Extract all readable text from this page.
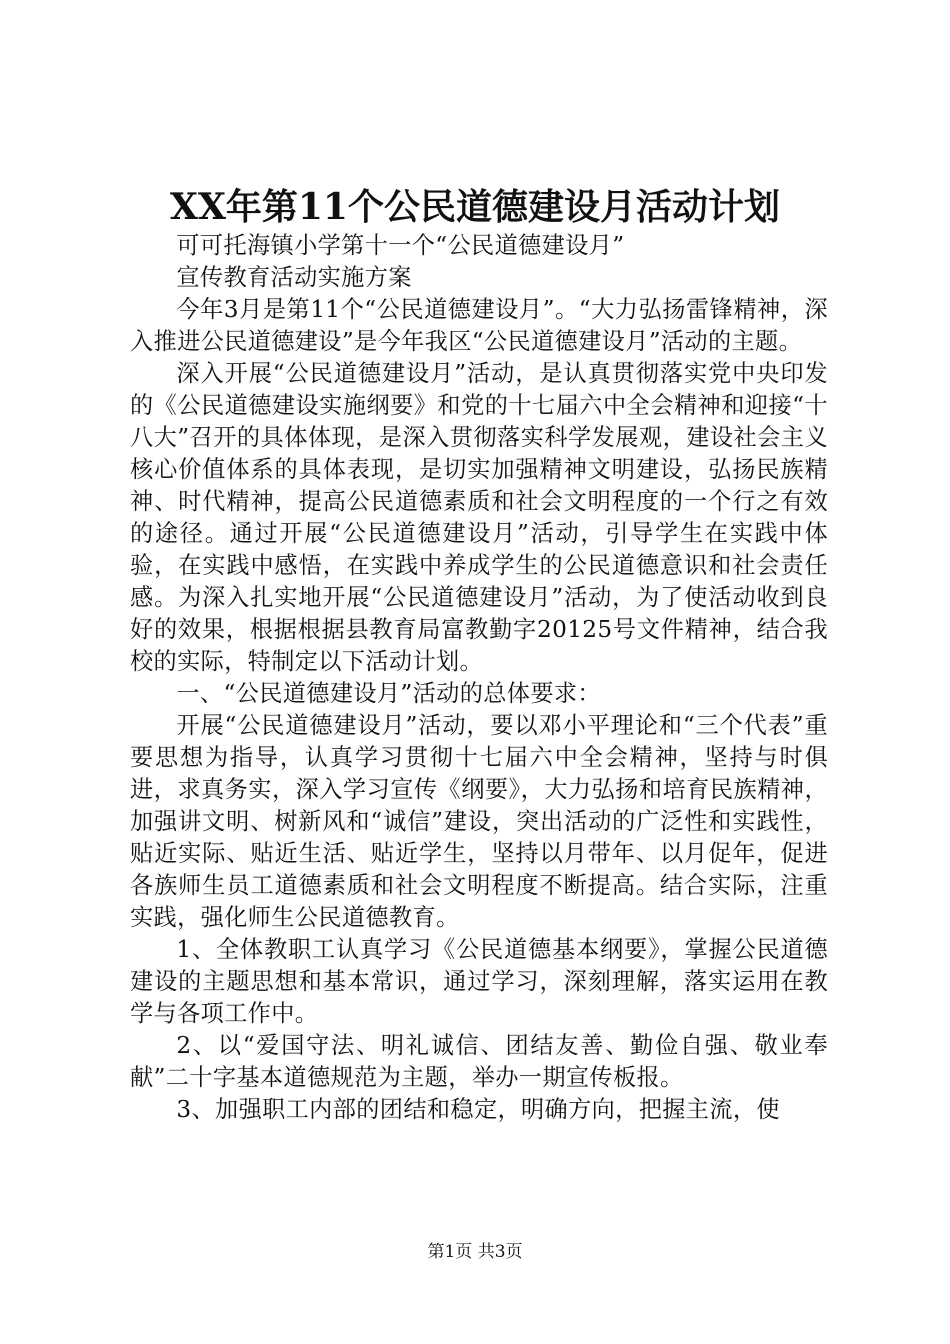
XX年第11个公民道德建设月活动计划

可可托海镇小学第十一个“公民道德建设月”

宣传教育活动实施方案

今年3月是第11个“公民道德建设月”。“大力弘扬雷锋精神，深入推进公民道德建设”是今年我区“公民道德建设月”活动的主题。

深入开展“公民道德建设月”活动，是认真贯彻落实党中央印发的《公民道德建设实施纲要》和党的十七届六中全会精神和迎接“十八大”召开的具体体现，是深入贯彻落实科学发展观，建设社会主义核心价值体系的具体表现，是切实加强精神文明建设，弘扬民族精神、时代精神，提高公民道德素质和社会文明程度的一个行之有效的途径。通过开展“公民道德建设月”活动，引导学生在实践中体验，在实践中感悟，在实践中养成学生的公民道德意识和社会责任感。为深入扎实地开展“公民道德建设月”活动，为了使活动收到良好的效果，根据根据县教育局富教勤字20125号文件精神，结合我校的实际，特制定以下活动计划。

一、“公民道德建设月”活动的总体要求：

开展“公民道德建设月”活动，要以邓小平理论和“三个代表”重要思想为指导，认真学习贯彻十七届六中全会精神，坚持与时俱进，求真务实，深入学习宣传《纲要》，大力弘扬和培育民族精神，加强讲文明、树新风和“诚信”建设，突出活动的广泛性和实践性，贴近实际、贴近生活、贴近学生，坚持以月带年、以月促年，促进各族师生员工道德素质和社会文明程度不断提高。结合实际，注重实践，强化师生公民道德教育。

1、全体教职工认真学习《公民道德基本纲要》，掌握公民道德建设的主题思想和基本常识，通过学习，深刻理解，落实运用在教学与各项工作中。

2、以“爱国守法、明礼诚信、团结友善、勤俭自强、敬业奉献”二十字基本道德规范为主题，举办一期宣传板报。

3、加强职工内部的团结和稳定，明确方向，把握主流，使

第1页 共3页
